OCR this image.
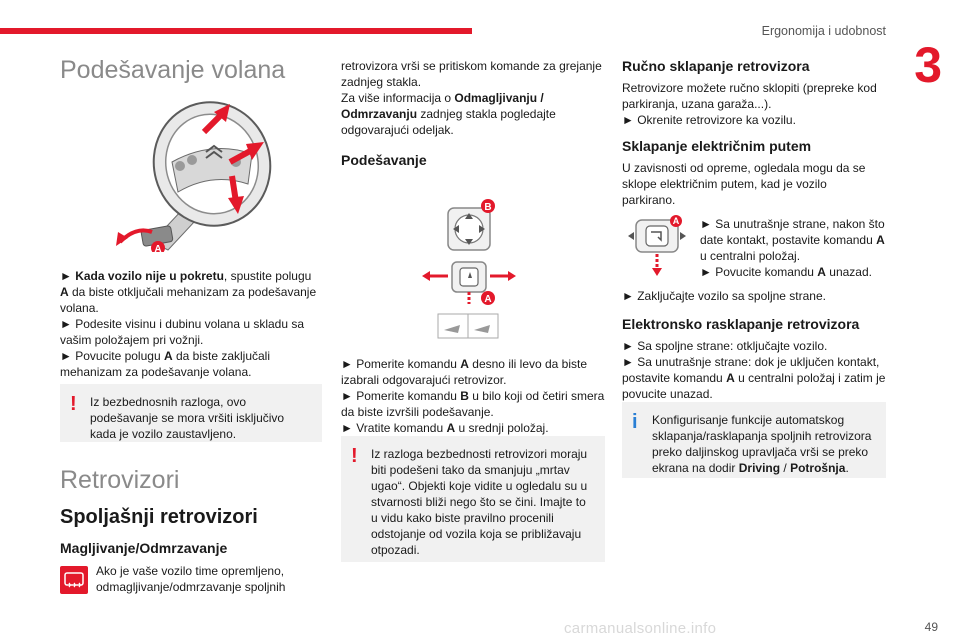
Ergonomija i udobnost
3
Podešavanje volana
A
► Kada vozilo nije u pokretu, spustite polugu A da biste otključali mehanizam za podešavanje volana.
► Podesite visinu i dubinu volana u skladu sa vašim položajem pri vožnji.
► Povucite polugu A da biste zaključali mehanizam za podešavanje volana.
! Iz bezbednosnih razloga, ovo podešavanje se mora vršiti isključivo kada je vozilo zaustavljeno.
Retrovizori
Spoljašnji retrovizori
Magljivanje/Odmrzavanje
Ako je vaše vozilo time opremljeno, odmagljivanje/odmrzavanje spoljnih
retrovizora vrši se pritiskom komande za grejanje zadnjeg stakla.
Za više informacija o Odmagljivanju / Odmrzavanju zadnjeg stakla pogledajte odgovarajući odeljak.
Podešavanje
B
A
► Pomerite komandu A desno ili levo da biste izabrali odgovarajući retrovizor.
► Pomerite komandu B u bilo koji od četiri smera da biste izvršili podešavanje.
► Vratite komandu A u srednji položaj.
! Iz razloga bezbednosti retrovizori moraju biti podešeni tako da smanjuju „mrtav ugao“. Objekti koje vidite u ogledalu su u stvarnosti bliži nego što se čini. Imajte to u vidu kako biste pravilno procenili odstojanje od vozila koja se približavaju otpozadi.
Ručno sklapanje retrovizora
Retrovizore možete ručno sklopiti (prepreke kod parkiranja, uzana garaža...).
► Okrenite retrovizore ka vozilu.
Sklapanje električnim putem
U zavisnosti od opreme, ogledala mogu da se sklope električnim putem, kad je vozilo parkirano.
A ► Sa unutrašnje strane, nakon što date kontakt, postavite komandu A u centralni položaj.
► Povucite komandu A unazad.
► Zaključajte vozilo sa spoljne strane.
Elektronsko rasklapanje retrovizora
► Sa spoljne strane: otključajte vozilo.
► Sa unutrašnje strane: dok je uključen kontakt, postavite komandu A u centralni položaj i zatim je povucite unazad.
i Konfigurisanje funkcije automatskog sklapanja/rasklapanja spoljnih retrovizora preko daljinskog upravljača vrši se preko ekrana na dodir Driving / Potrošnja.
carmanualsonline.info	49
